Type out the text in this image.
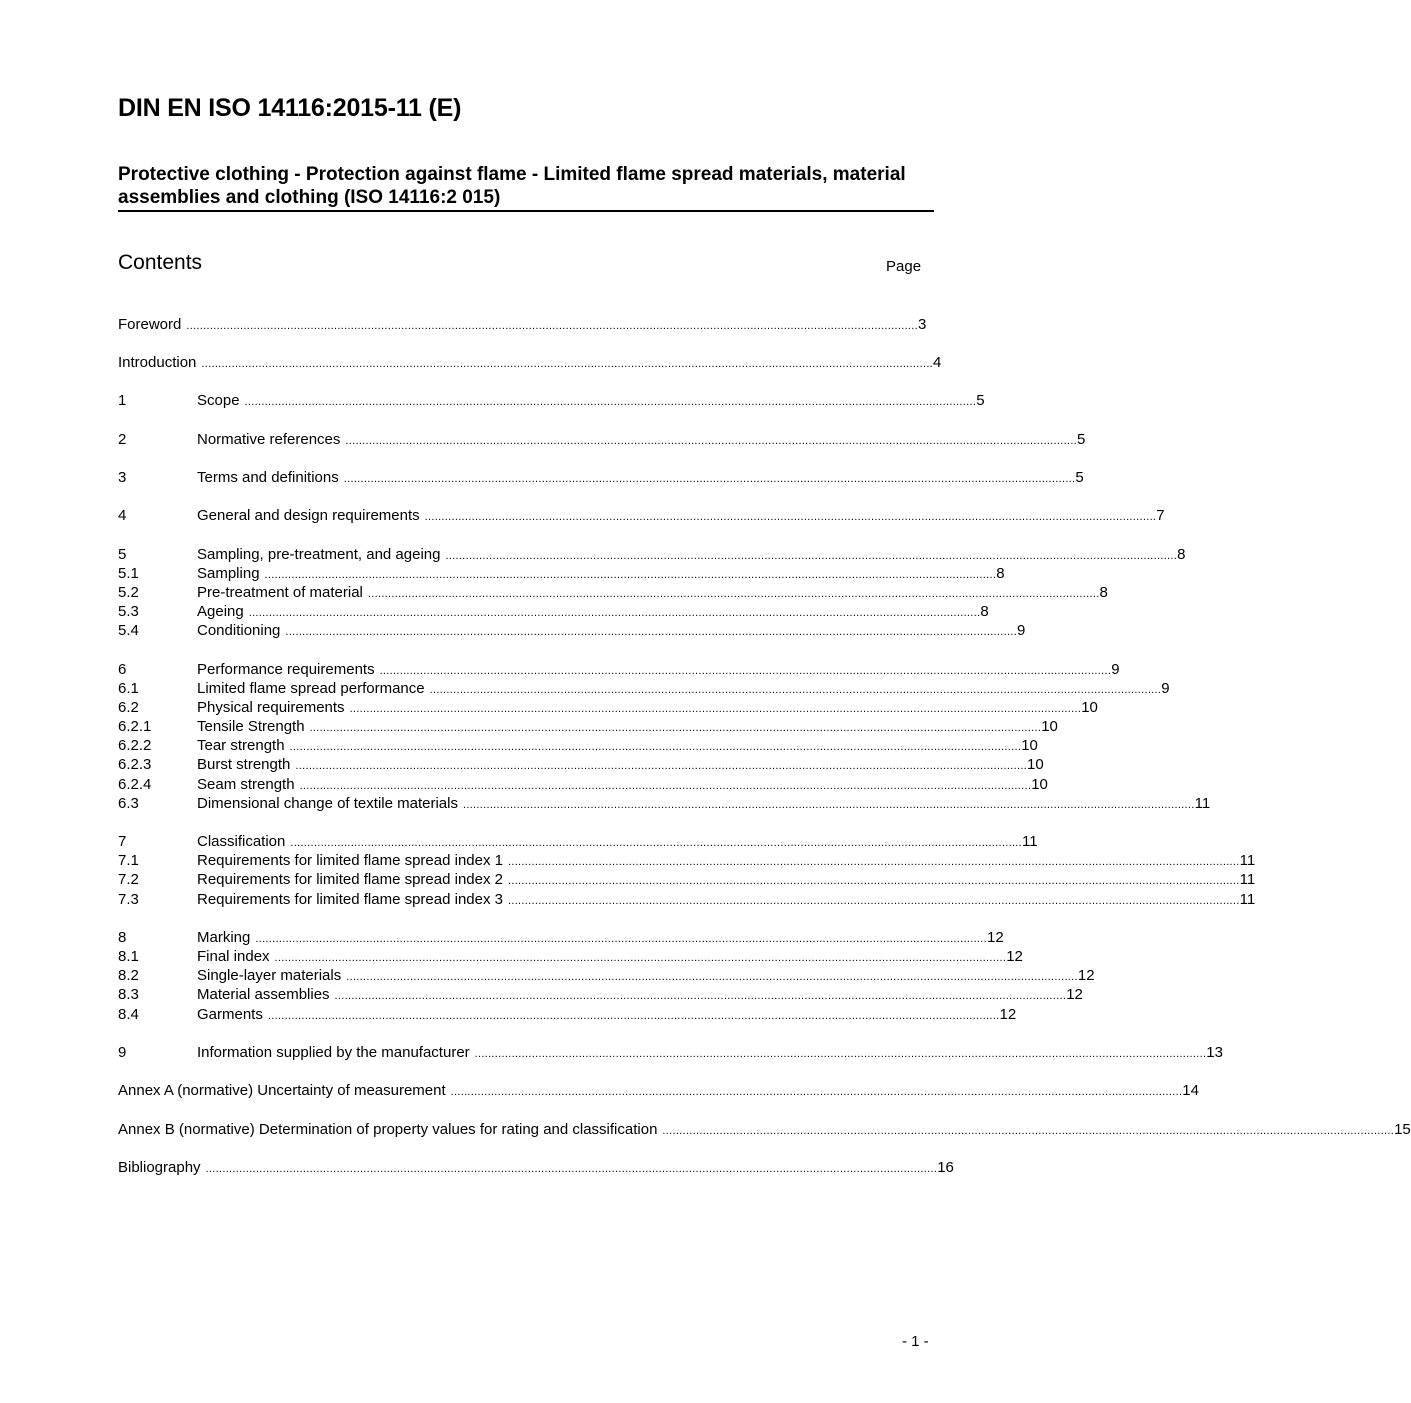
DIN EN ISO 14116:2015-11 (E)
Protective clothing - Protection against flame - Limited flame spread materials, material assemblies and clothing (ISO 14116:2 015)
Contents	Page
Foreword .......................................................................................................................................................................................................................... 3
Introduction .......................................................................................................................................................................................................................... 4
1	Scope .......................................................................................................................................................................................................................... 5
2	Normative references .......................................................................................................................................................................................................................... 5
3	Terms and definitions .......................................................................................................................................................................................................................... 5
4	General and design requirements .......................................................................................................................................................................................................................... 7
5	Sampling, pre-treatment, and ageing .......................................................................................................................................................................................................................... 8
5.1	Sampling .......................................................................................................................................................................................................................... 8
5.2	Pre-treatment of material .......................................................................................................................................................................................................................... 8
5.3	Ageing .......................................................................................................................................................................................................................... 8
5.4	Conditioning .......................................................................................................................................................................................................................... 9
6	Performance requirements .......................................................................................................................................................................................................................... 9
6.1	Limited flame spread performance .......................................................................................................................................................................................................................... 9
6.2	Physical requirements .......................................................................................................................................................................................................................... 10
6.2.1	Tensile Strength .......................................................................................................................................................................................................................... 10
6.2.2	Tear strength .......................................................................................................................................................................................................................... 10
6.2.3	Burst strength .......................................................................................................................................................................................................................... 10
6.2.4	Seam strength .......................................................................................................................................................................................................................... 10
6.3	Dimensional change of textile materials .......................................................................................................................................................................................................................... 11
7	Classification .......................................................................................................................................................................................................................... 11
7.1	Requirements for limited flame spread index 1 .......................................................................................................................................................................................................................... 11
7.2	Requirements for limited flame spread index 2 .......................................................................................................................................................................................................................... 11
7.3	Requirements for limited flame spread index 3 .......................................................................................................................................................................................................................... 11
8	Marking .......................................................................................................................................................................................................................... 12
8.1	Final index .......................................................................................................................................................................................................................... 12
8.2	Single-layer materials .......................................................................................................................................................................................................................... 12
8.3	Material assemblies .......................................................................................................................................................................................................................... 12
8.4	Garments .......................................................................................................................................................................................................................... 12
9	Information supplied by the manufacturer .......................................................................................................................................................................................................................... 13
Annex A (normative) Uncertainty of measurement .......................................................................................................................................................................................................................... 14
Annex B (normative) Determination of property values for rating and classification .......................................................................................................................................................................................................................... 15
Bibliography .......................................................................................................................................................................................................................... 16
- 1 -
